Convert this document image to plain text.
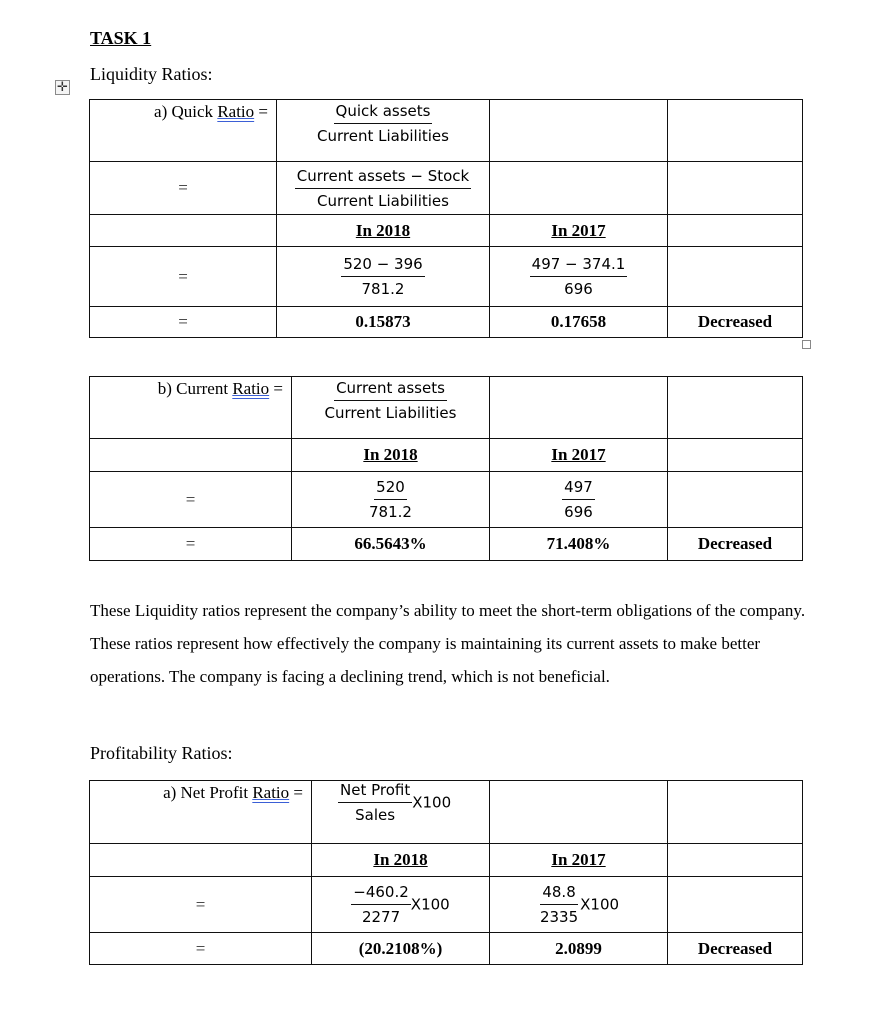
TASK 1
Liquidity Ratios:
✛
a) Quick Ratio =	$\frac{\text{Quick assets}}{\text{Current Liabilities}}$

=	$\frac{\text{Current assets − Stock}}{\text{Current Liabilities}}$

	In 2018	In 2017	
=	$\frac{520 - 396}{781.2}$	$\frac{497 - 374.1}{696}$

=	0.15873	0.17658	Decreased
b) Current Ratio =	$\frac{\text{Current assets}}{\text{Current Liabilities}}$

	In 2018	In 2017	
=	$\frac{520}{781.2}$	$\frac{497}{696}$

=	66.5643%	71.408%	Decreased
These Liquidity ratios represent the company’s ability to meet the short-term obligations of the company. These ratios represent how effectively the company is maintaining its current assets to make better operations. The company is facing a declining trend, which is not beneficial.
Profitability Ratios:
a) Net Profit Ratio =	$\frac{\text{Net Profit}}{\text{Sales}} X100$		
	In 2018	In 2017	
=	$\frac{-460.2}{2277} X100$	$\frac{48.8}{2335} X100$	
=	(20.2108%)	2.0899	Decreased
